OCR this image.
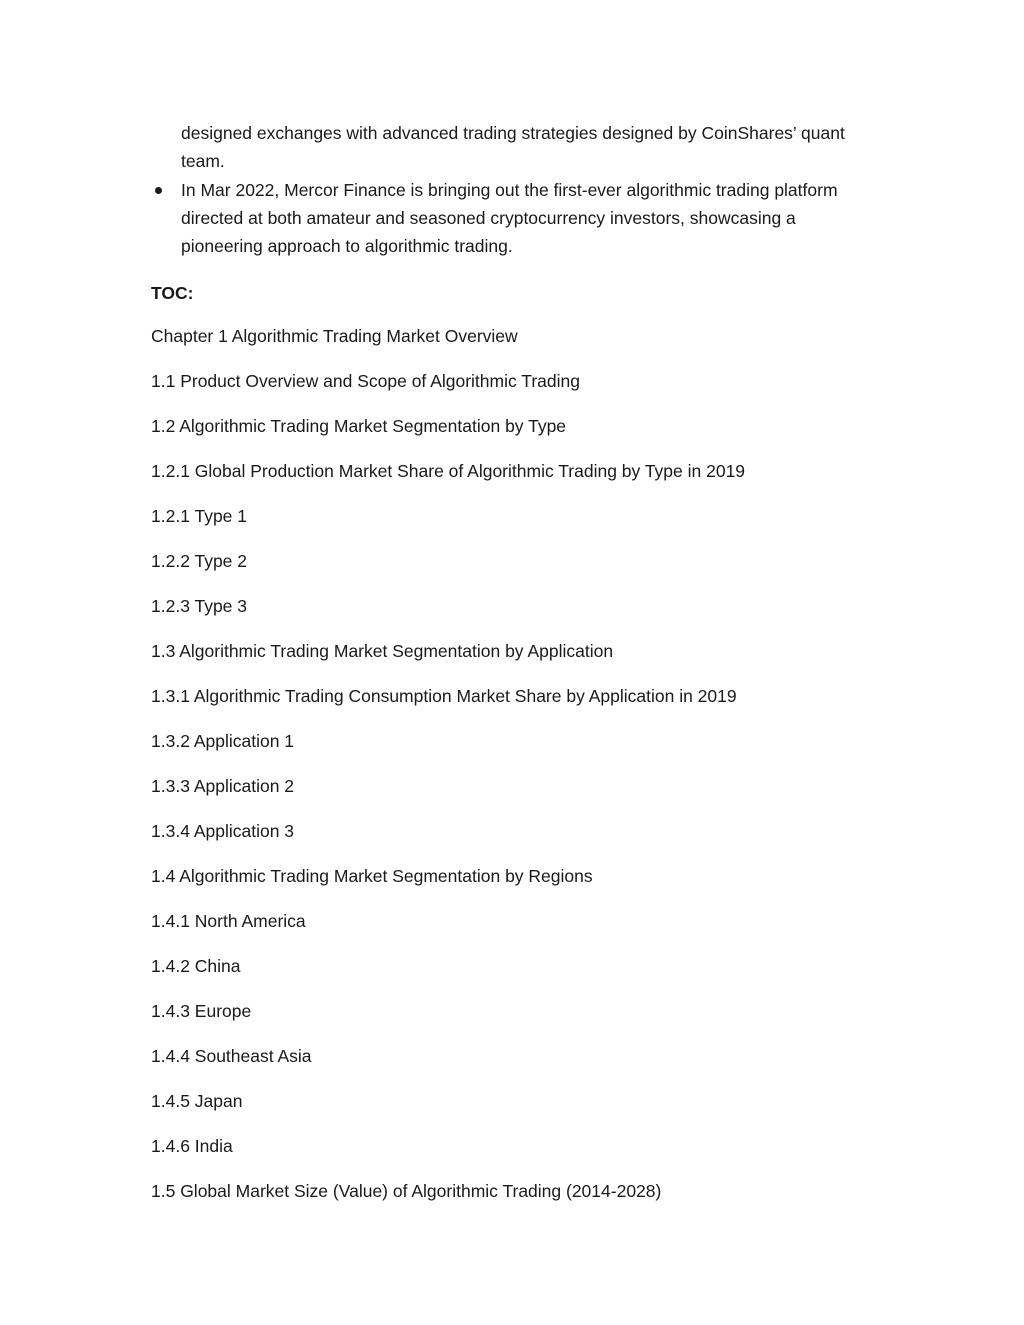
designed exchanges with advanced trading strategies designed by CoinShares’ quant
team.
In Mar 2022, Mercor Finance is bringing out the first-ever algorithmic trading platform
directed at both amateur and seasoned cryptocurrency investors, showcasing a
pioneering approach to algorithmic trading.
TOC:
Chapter 1 Algorithmic Trading Market Overview
1.1 Product Overview and Scope of Algorithmic Trading
1.2 Algorithmic Trading Market Segmentation by Type
1.2.1 Global Production Market Share of Algorithmic Trading by Type in 2019
1.2.1 Type 1
1.2.2 Type 2
1.2.3 Type 3
1.3 Algorithmic Trading Market Segmentation by Application
1.3.1 Algorithmic Trading Consumption Market Share by Application in 2019
1.3.2 Application 1
1.3.3 Application 2
1.3.4 Application 3
1.4 Algorithmic Trading Market Segmentation by Regions
1.4.1 North America
1.4.2 China
1.4.3 Europe
1.4.4 Southeast Asia
1.4.5 Japan
1.4.6 India
1.5 Global Market Size (Value) of Algorithmic Trading (2014-2028)
